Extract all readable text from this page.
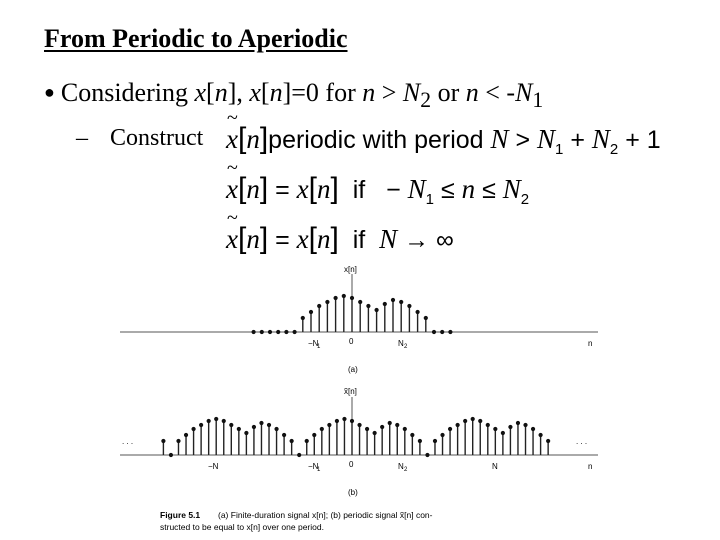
From Periodic to Aperiodic
● Considering x[n], x[n]=0 for $n > N_2$ or $n < -N_1$
– Construct ~ x[n]periodic with period $N > N_1 + N_2 + 1$
~ x[n] = x[n]  if   − $N_1 \le n \le N_2$
~ x[n] = x[n]  if  N → ∞
x[n]
−N
1
0	N 2	n
(a)
x̃[n]
. . .	. . .
−N	−N
1
0	N 2	N	n
(b)
Figure 5.1 (a) Finite-duration signal x[n]; (b) periodic signal x̃[n] con-
structed to be equal to x[n] over one period.
